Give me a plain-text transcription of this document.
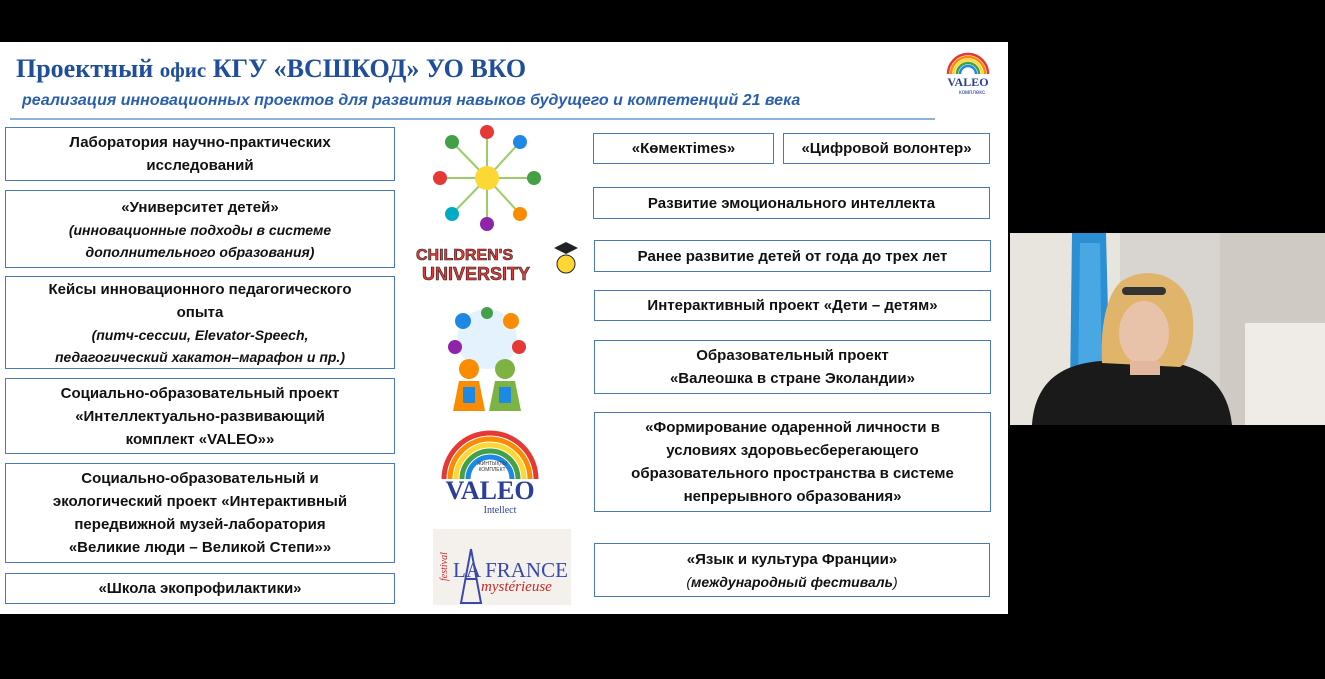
Проектный офис КГУ «ВСШКОД» УО ВКО
реализация инновационных проектов для развития навыков будущего и компетенций 21 века
VALEO
комплекс
Лаборатория научно-практических
исследований
«Университет детей»
(инновационные подходы в системе
дополнительного образования)
Кейсы инновационного педагогического
опыта
(питч-сессии, Elevator-Speech,
педагогический хакатон–марафон и пр.)
Социально-образовательный проект
«Интеллектуально-развивающий
комплект «VALEO»»
Социально-образовательный и
экологический проект «Интерактивный
передвижной музей-лаборатория
«Великие люди – Великой Степи»»
«Школа экопрофилактики»
CHILDREN'S
UNIVERSITY
ЖИНТЫҚТЫ
КОМПЛЕКТ
VALEO
Intellect
festival LA FRANCE
mystérieuse
«Көмектimes»	«Цифровой волонтер»
Развитие эмоционального интеллекта
Ранее развитие детей от года до трех лет
Интерактивный проект «Дети – детям»
Образовательный проект
«Валеошка в стране Эколандии»
«Формирование одаренной личности в
условиях здоровьесберегающего
образовательного пространства в системе
непрерывного образования»
«Язык и культура Франции»
(международный фестиваль)
